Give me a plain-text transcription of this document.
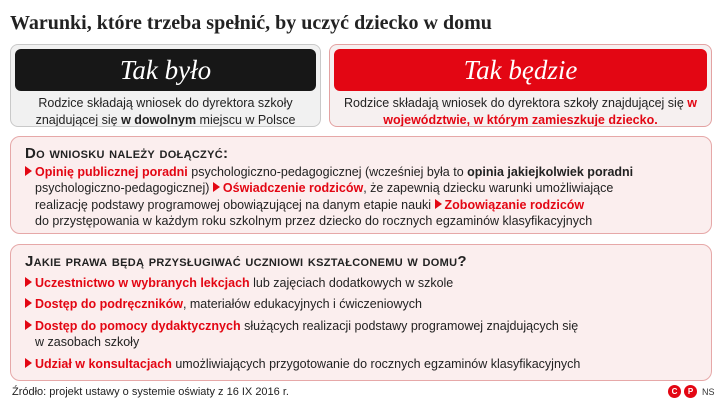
Warunki, które trzeba spełnić, by uczyć dziecko w domu
Tak było
Rodzice składają wniosek do dyrektora szkoły znajdującej się w dowolnym miejscu w Polsce
Tak będzie
Rodzice składają wniosek do dyrektora szkoły znajdującej się w województwie, w którym zamieszkuje dziecko.
Do wniosku należy dołączyć:
Opinię publicznej poradni psychologiczno-pedagogicznej (wcześniej była to opinia jakiejkolwiek poradni
psychologiczno-pedagogicznej) Oświadczenie rodziców, że zapewnią dziecku warunki umożliwiające
realizację podstawy programowej obowiązującej na danym etapie nauki Zobowiązanie rodziców
do przystępowania w każdym roku szkolnym przez dziecko do rocznych egzaminów klasyfikacyjnych
Jakie prawa będą przysługiwać uczniowi kształconemu w domu?
Uczestnictwo w wybranych lekcjach lub zajęciach dodatkowych w szkole
Dostęp do podręczników, materiałów edukacyjnych i ćwiczeniowych
Dostęp do pomocy dydaktycznych służących realizacji podstawy programowej znajdujących się
w zasobach szkoły
Udział w konsultacjach umożliwiających przygotowanie do rocznych egzaminów klasyfikacyjnych
Źródło: projekt ustawy o systemie oświaty z 16 IX 2016 r.	C	P NS
